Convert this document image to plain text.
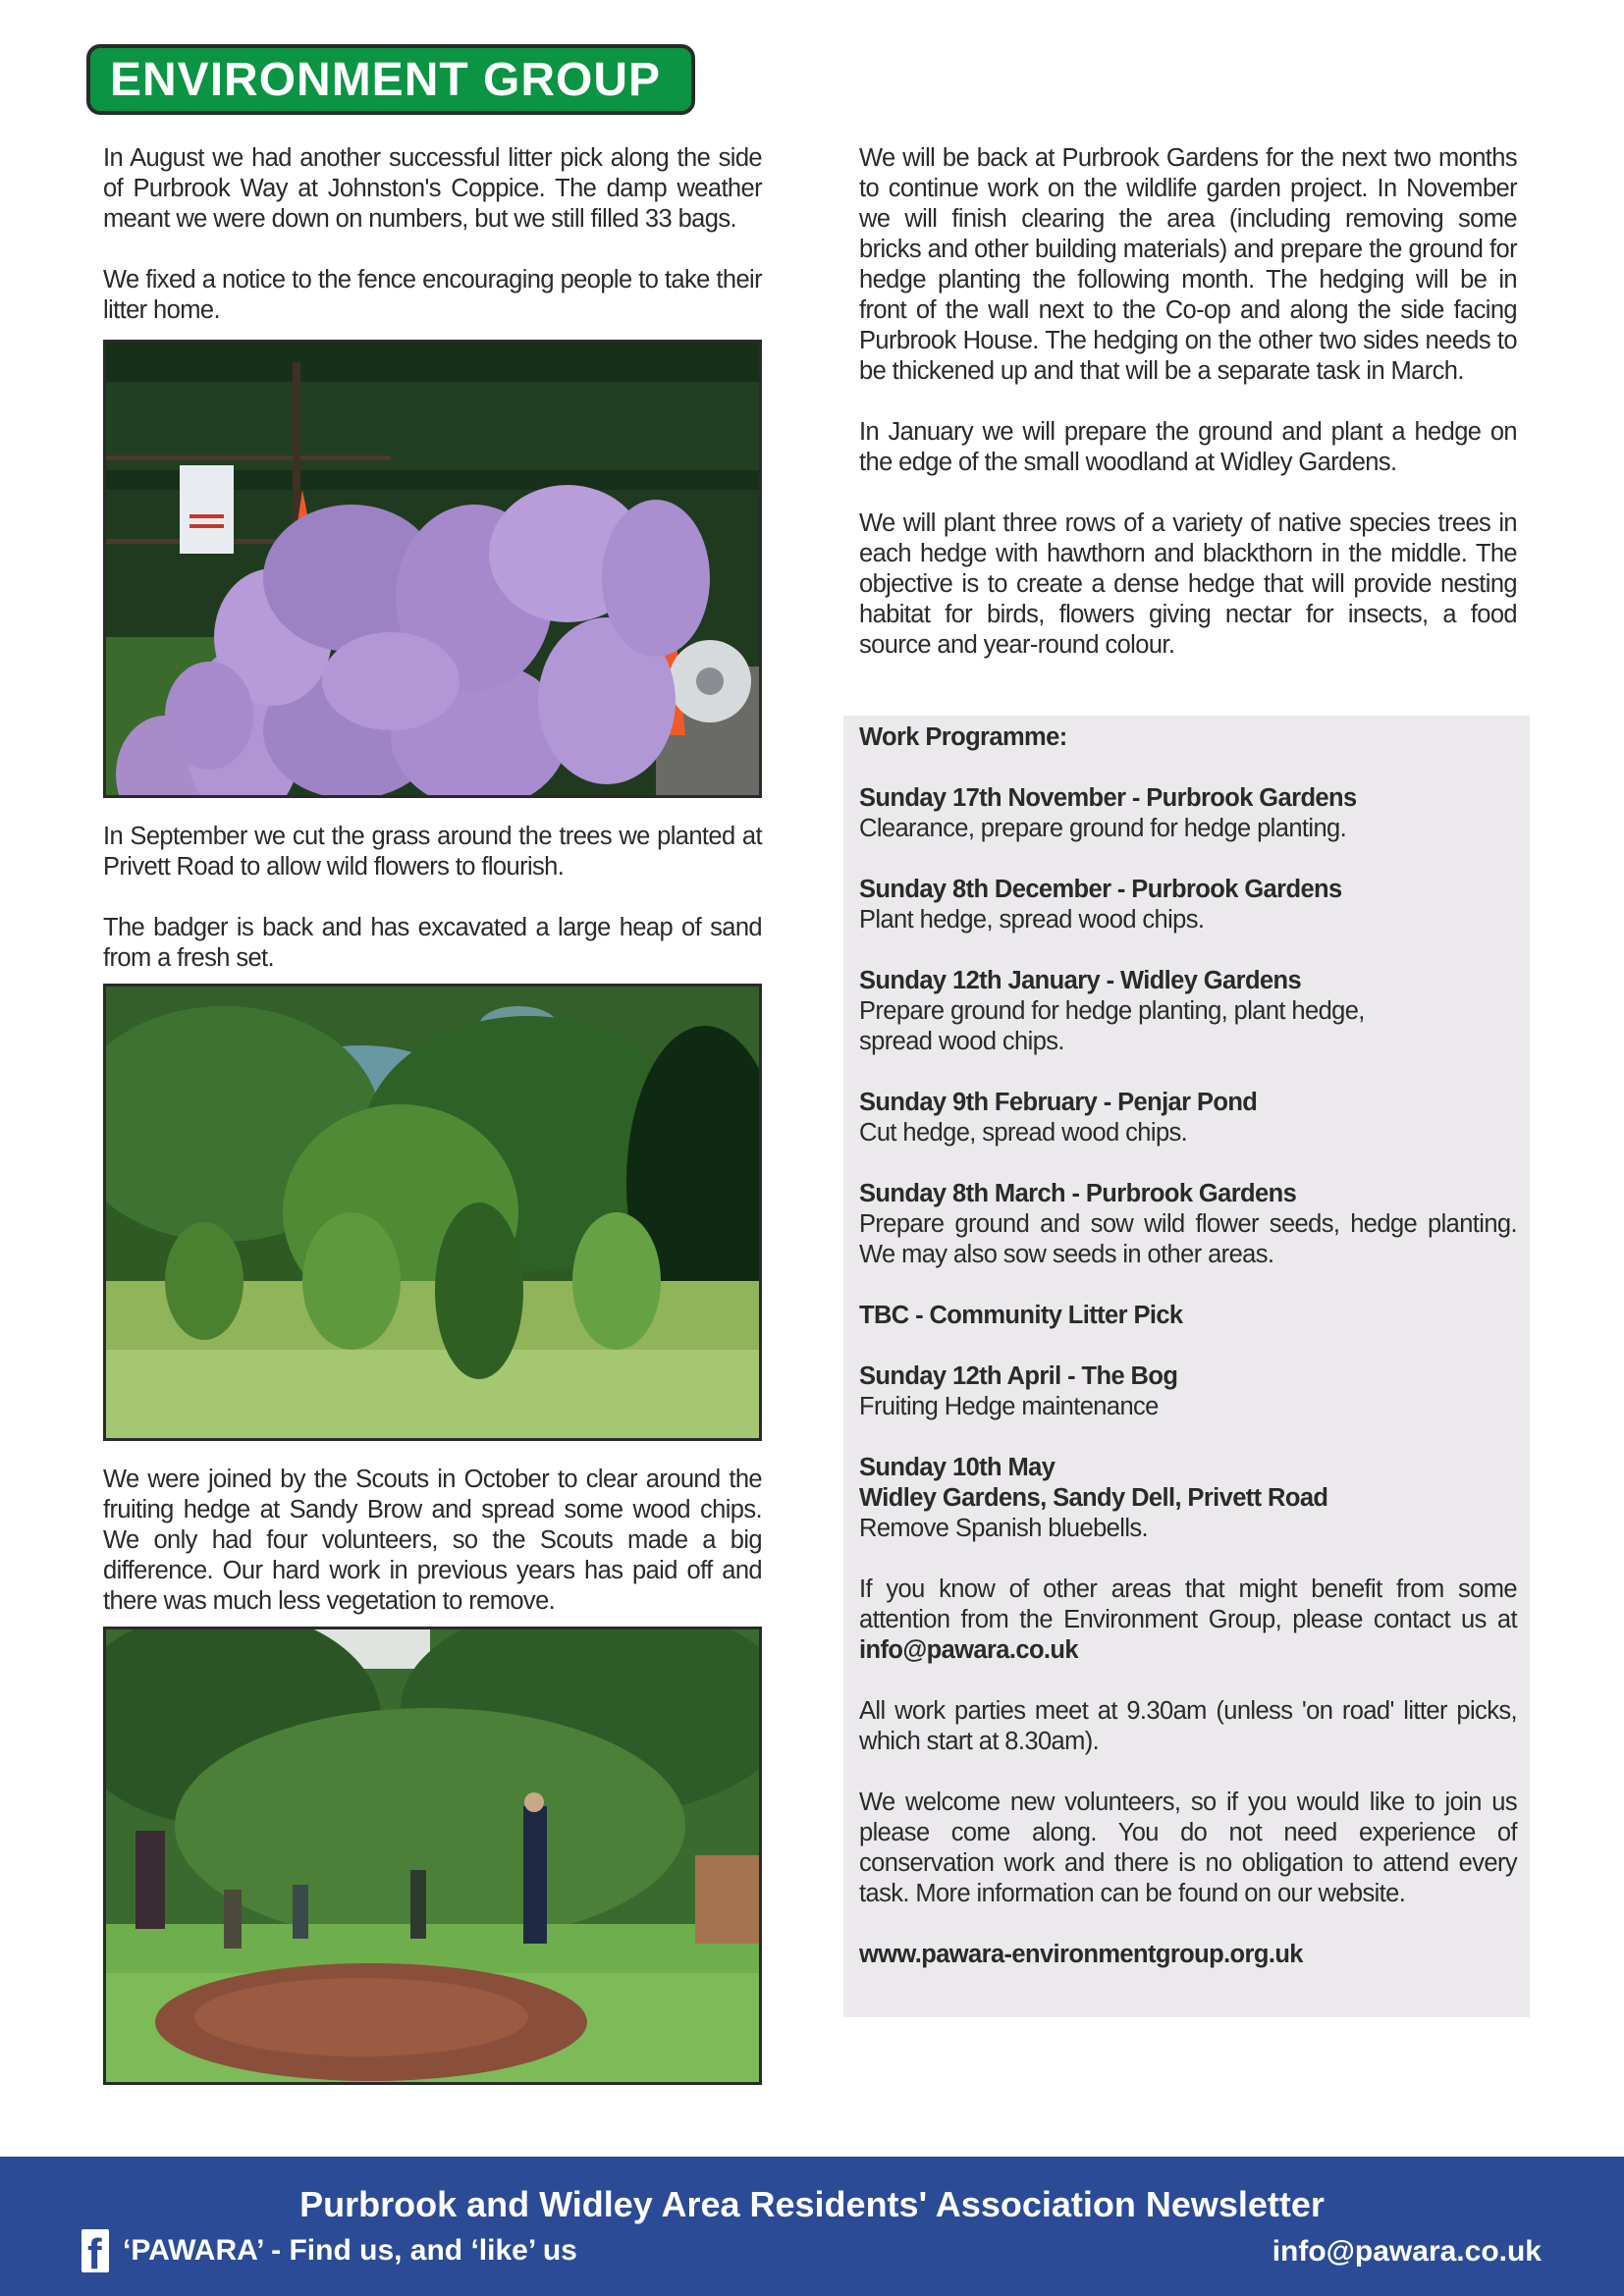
ENVIRONMENT GROUP

In August we had another successful litter pick along the side of Purbrook Way at Johnston's Coppice. The damp weather meant we were down on numbers, but we still filled 33 bags.

We fixed a notice to the fence encouraging people to take their litter home.

In September we cut the grass around the trees we planted at Privett Road to allow wild flowers to flourish.

The badger is back and has excavated a large heap of sand from a fresh set.

We were joined by the Scouts in October to clear around the fruiting hedge at Sandy Brow and spread some wood chips. We only had four volunteers, so the Scouts made a big difference. Our hard work in previous years has paid off and there was much less vegetation to remove.

We will be back at Purbrook Gardens for the next two months to continue work on the wildlife garden project. In November we will finish clearing the area (including removing some bricks and other building materials) and prepare the ground for hedge planting the following month. The hedging will be in front of the wall next to the Co-op and along the side facing Purbrook House. The hedging on the other two sides needs to be thickened up and that will be a separate task in March.

In January we will prepare the ground and plant a hedge on the edge of the small woodland at Widley Gardens.

We will plant three rows of a variety of native species trees in each hedge with hawthorn and blackthorn in the middle. The objective is to create a dense hedge that will provide nesting habitat for birds, flowers giving nectar for insects, a food source and year-round colour.

Work Programme:

Sunday 17th November - Purbrook Gardens

Clearance, prepare ground for hedge planting.

Sunday 8th December - Purbrook Gardens

Plant hedge, spread wood chips.

Sunday 12th January - Widley Gardens

Prepare ground for hedge planting, plant hedge, spread wood chips.

Sunday 9th February - Penjar Pond

Cut hedge, spread wood chips.

Sunday 8th March - Purbrook Gardens

Prepare ground and sow wild flower seeds, hedge planting. We may also sow seeds in other areas.

TBC - Community Litter Pick

Sunday 12th April - The Bog

Fruiting Hedge maintenance

Sunday 10th May

Widley Gardens, Sandy Dell, Privett Road

Remove Spanish bluebells.

If you know of other areas that might benefit from some attention from the Environment Group, please contact us at info@pawara.co.uk

All work parties meet at 9.30am (unless 'on road' litter picks, which start at 8.30am).

We welcome new volunteers, so if you would like to join us please come along. You do not need experience of conservation work and there is no obligation to attend every task. More information can be found on our website.

www.pawara-environmentgroup.org.uk

Purbrook and Widley Area Residents' Association Newsletter
f ‘PAWARA’ - Find us, and ‘like’ us	info@pawara.co.uk
